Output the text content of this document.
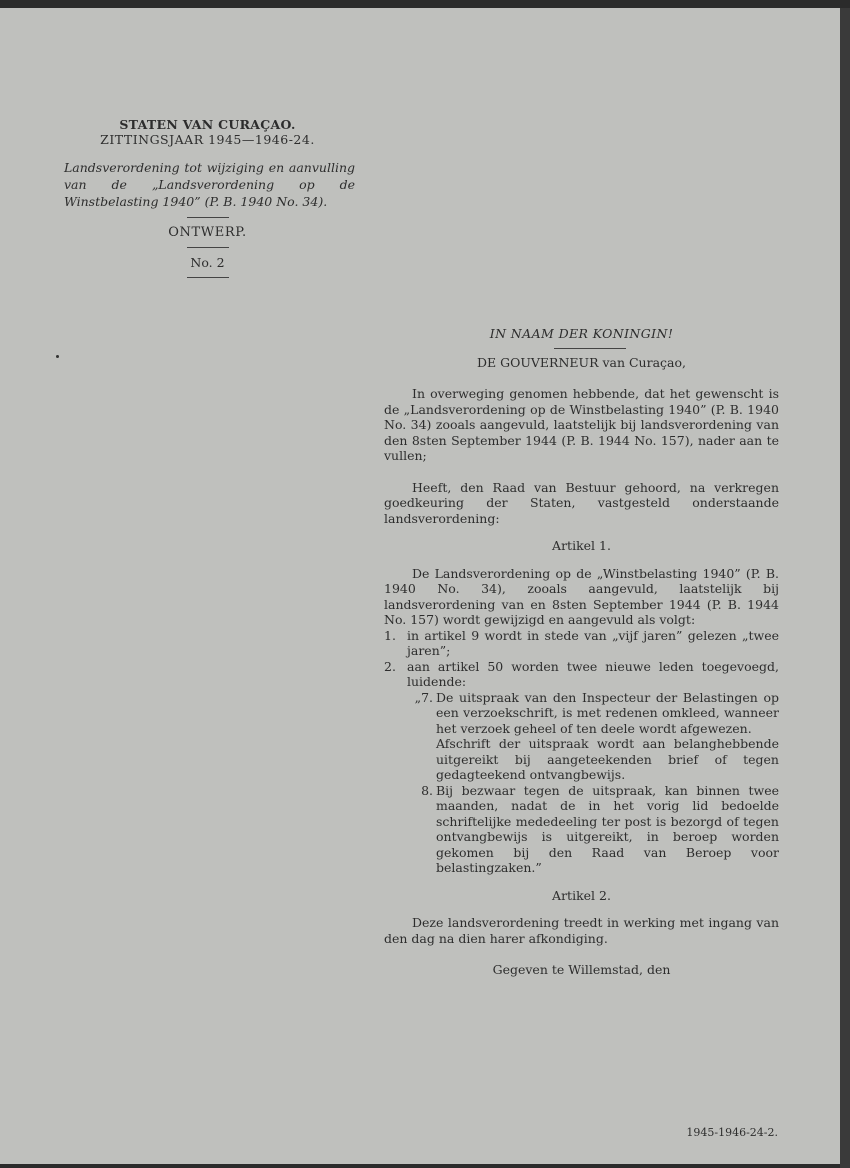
STATEN VAN CURAÇAO.
ZITTINGSJAAR 1945—1946-24.
Landsverordening tot wijziging en aanvulling van de „Landsverordening op de Winstbelasting 1940” (P. B. 1940 No. 34).
ONTWERP.
No. 2
IN NAAM DER KONINGIN!
DE GOUVERNEUR van Curaçao,

In overweging genomen hebbende, dat het gewenscht is de „Landsverordening op de Winstbelasting 1940” (P. B. 1940 No. 34) zooals aangevuld, laatstelijk bij landsverordening van den 8sten September 1944 (P. B. 1944 No. 157), nader aan te vullen;

Heeft, den Raad van Bestuur gehoord, na verkregen goedkeuring der Staten, vastgesteld onderstaande landsverordening:

Artikel 1.

De Landsverordening op de „Winstbelasting 1940” (P. B. 1940 No. 34), zooals aangevuld, laatstelijk bij landsverordening van en 8sten September 1944 (P. B. 1944 No. 157) wordt gewijzigd en aangevuld als volgt:

1. in artikel 9 wordt in stede van „vijf jaren” gelezen „twee jaren”;
2. aan artikel 50 worden twee nieuwe leden toegevoegd, luidende:
„7. De uitspraak van den Inspecteur der Belastingen op een verzoekschrift, is met redenen omkleed, wanneer het verzoek geheel of ten deele wordt afgewezen.
Afschrift der uitspraak wordt aan belanghebbende uitgereikt bij aangeteekenden brief of tegen gedagteekend ontvangbewijs.
8. Bij bezwaar tegen de uitspraak, kan binnen twee maanden, nadat de in het vorig lid bedoelde schriftelijke mededeeling ter post is bezorgd of tegen ontvangbewijs is uitgereikt, in beroep worden gekomen bij den Raad van Beroep voor belastingzaken.”
Artikel 2.

Deze landsverordening treedt in werking met ingang van den dag na dien harer afkondiging.

Gegeven te Willemstad, den
1945-1946-24-2.
